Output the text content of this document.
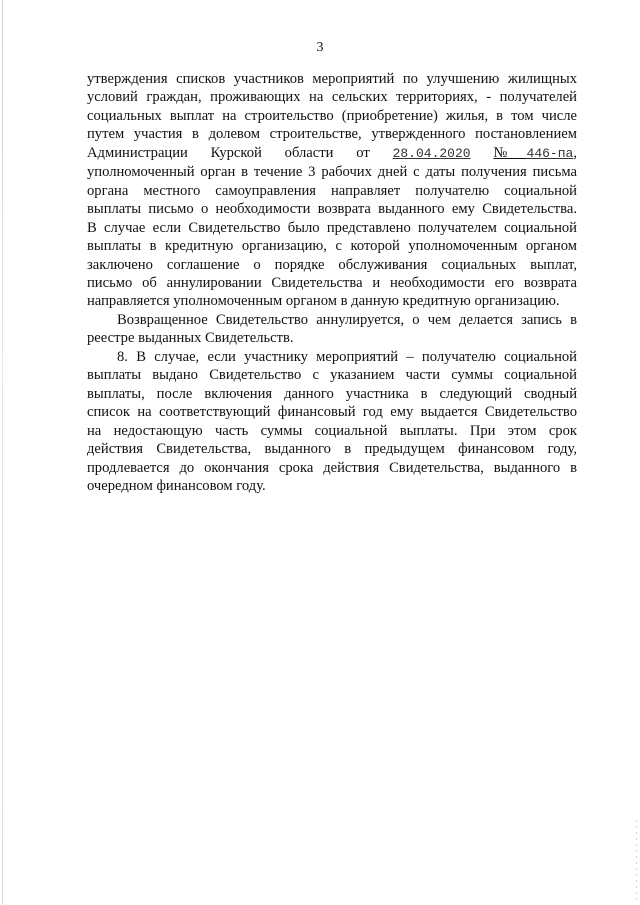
3
утверждения списков участников мероприятий по улучшению жилищных
условий граждан, проживающих на сельских территориях, - получателей
социальных выплат на строительство (приобретение) жилья, в том числе
путем участия в долевом строительстве, утвержденного постановлением
Администрации Курской области от 28.04.2020 №446-па,
уполномоченный орган в течение 3 рабочих дней с даты получения письма
органа местного самоуправления направляет получателю социальной
выплаты письмо о необходимости возврата выданного ему Свидетельства.
В случае если Свидетельство было представлено получателем социальной
выплаты в кредитную организацию, с которой уполномоченным органом
заключено соглашение о порядке обслуживания социальных выплат,
письмо об аннулировании Свидетельства и необходимости его возврата
направляется уполномоченным органом в данную кредитную организацию.
Возвращенное Свидетельство аннулируется, о чем делается запись в
реестре выданных Свидетельств.
8. В случае, если участнику мероприятий – получателю социальной
выплаты выдано Свидетельство с указанием части суммы социальной
выплаты, после включения данного участника в следующий сводный
список на соответствующий финансовый год ему выдается Свидетельство
на недостающую часть суммы социальной выплаты. При этом срок
действия Свидетельства, выданного в предыдущем финансовом году,
продлевается до окончания срока действия Свидетельства, выданного в
очередном финансовом году.
